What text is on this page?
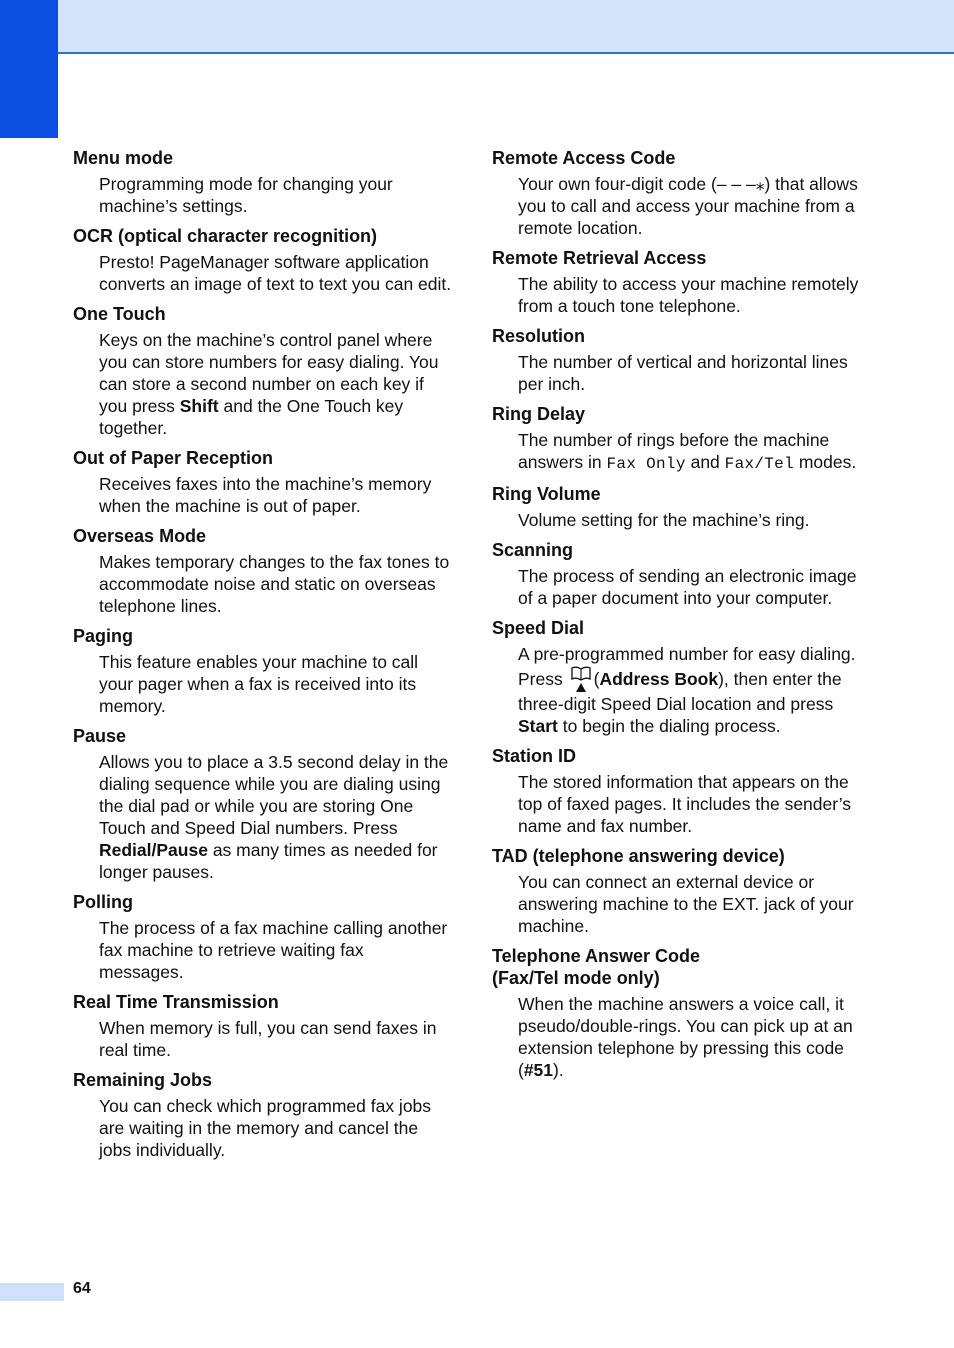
Menu mode
Programming mode for changing your machine’s settings.
OCR (optical character recognition)
Presto! PageManager software application converts an image of text to text you can edit.
One Touch
Keys on the machine’s control panel where you can store numbers for easy dialing. You can store a second number on each key if you press Shift and the One Touch key together.
Out of Paper Reception
Receives faxes into the machine’s memory when the machine is out of paper.
Overseas Mode
Makes temporary changes to the fax tones to accommodate noise and static on overseas telephone lines.
Paging
This feature enables your machine to call your pager when a fax is received into its memory.
Pause
Allows you to place a 3.5 second delay in the dialing sequence while you are dialing using the dial pad or while you are storing One Touch and Speed Dial numbers. Press Redial/Pause as many times as needed for longer pauses.
Polling
The process of a fax machine calling another fax machine to retrieve waiting fax messages.
Real Time Transmission
When memory is full, you can send faxes in real time.
Remaining Jobs
You can check which programmed fax jobs are waiting in the memory and cancel the jobs individually.
Remote Access Code
Your own four-digit code (– – –⁎) that allows you to call and access your machine from a remote location.
Remote Retrieval Access
The ability to access your machine remotely from a touch tone telephone.
Resolution
The number of vertical and horizontal lines per inch.
Ring Delay
The number of rings before the machine answers in Fax Only and Fax/Tel modes.
Ring Volume
Volume setting for the machine’s ring.
Scanning
The process of sending an electronic image of a paper document into your computer.
Speed Dial
A pre-programmed number for easy dialing. Press (Address Book), then enter the three-digit Speed Dial location and press Start to begin the dialing process.
Station ID
The stored information that appears on the top of faxed pages. It includes the sender’s name and fax number.
TAD (telephone answering device)
You can connect an external device or answering machine to the EXT. jack of your machine.
Telephone Answer Code
(Fax/Tel mode only)
When the machine answers a voice call, it pseudo/double-rings. You can pick up at an extension telephone by pressing this code (#51).
64
